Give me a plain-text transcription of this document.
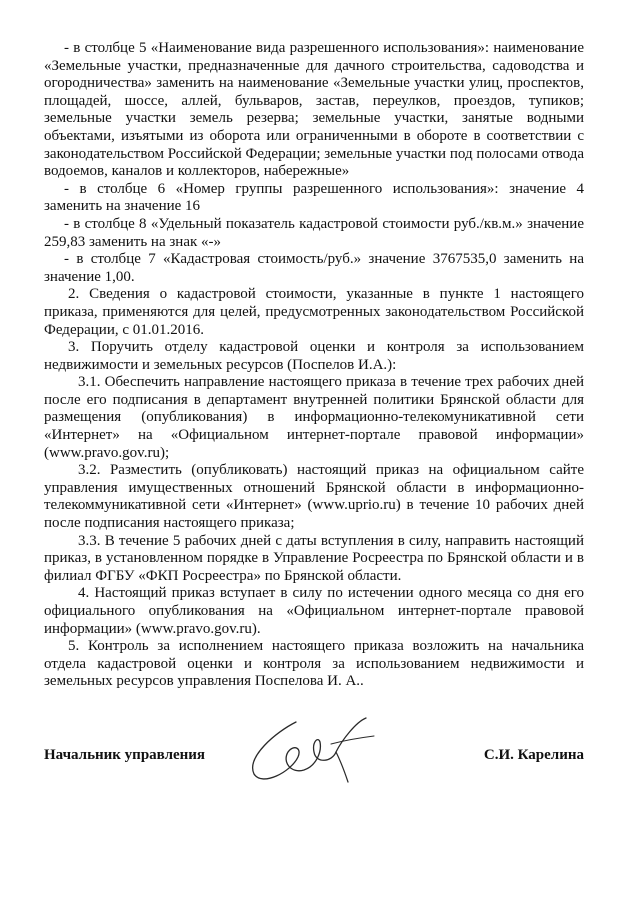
- в столбце 5 «Наименование вида разрешенного использования»: наименование «Земельные участки, предназначенные для дачного строительства, садоводства и огородничества» заменить на наименование «Земельные участки улиц, проспектов, площадей, шоссе, аллей, бульваров, застав, переулков, проездов, тупиков; земельные участки земель резерва; земельные участки, занятые водными объектами, изъятыми из оборота или ограниченными в обороте в соответствии с законодательством Российской Федерации; земельные участки под полосами отвода водоемов, каналов и коллекторов, набережные»

- в столбце 6 «Номер группы разрешенного использования»: значение 4 заменить на значение 16

- в столбце 8 «Удельный показатель кадастровой стоимости руб./кв.м.» значение 259,83 заменить на знак «-»

- в столбце 7 «Кадастровая стоимость/руб.» значение 3767535,0 заменить на значение 1,00.

2. Сведения о кадастровой стоимости, указанные в пункте 1 настоящего приказа, применяются для целей, предусмотренных законодательством Российской Федерации, с 01.01.2016.

3. Поручить отделу кадастровой оценки и контроля за использованием недвижимости и земельных ресурсов (Поспелов И.А.):

3.1. Обеспечить направление настоящего приказа в течение трех рабочих дней после его подписания в департамент внутренней политики Брянской области для размещения (опубликования) в информационно-телекомуникативной сети «Интернет» на «Официальном интернет-портале правовой информации» (www.pravo.gov.ru);

3.2. Разместить (опубликовать) настоящий приказ на официальном сайте управления имущественных отношений Брянской области в информационно-телекоммуникативной сети «Интернет» (www.uprio.ru) в течение 10 рабочих дней после подписания настоящего приказа;

3.3. В течение 5 рабочих дней с даты вступления в силу, направить настоящий приказ, в установленном порядке в Управление Росреестра по Брянской области и в филиал ФГБУ «ФКП Росреестра» по Брянской области.

4. Настоящий приказ вступает в силу по истечении одного месяца со дня его официального опубликования на «Официальном интернет-портале правовой информации» (www.pravo.gov.ru).

5. Контроль за исполнением настоящего приказа возложить на начальника отдела кадастровой оценки и контроля за использованием недвижимости и земельных ресурсов управления Поспелова И. А..

Начальник управления	С.И. Карелина
